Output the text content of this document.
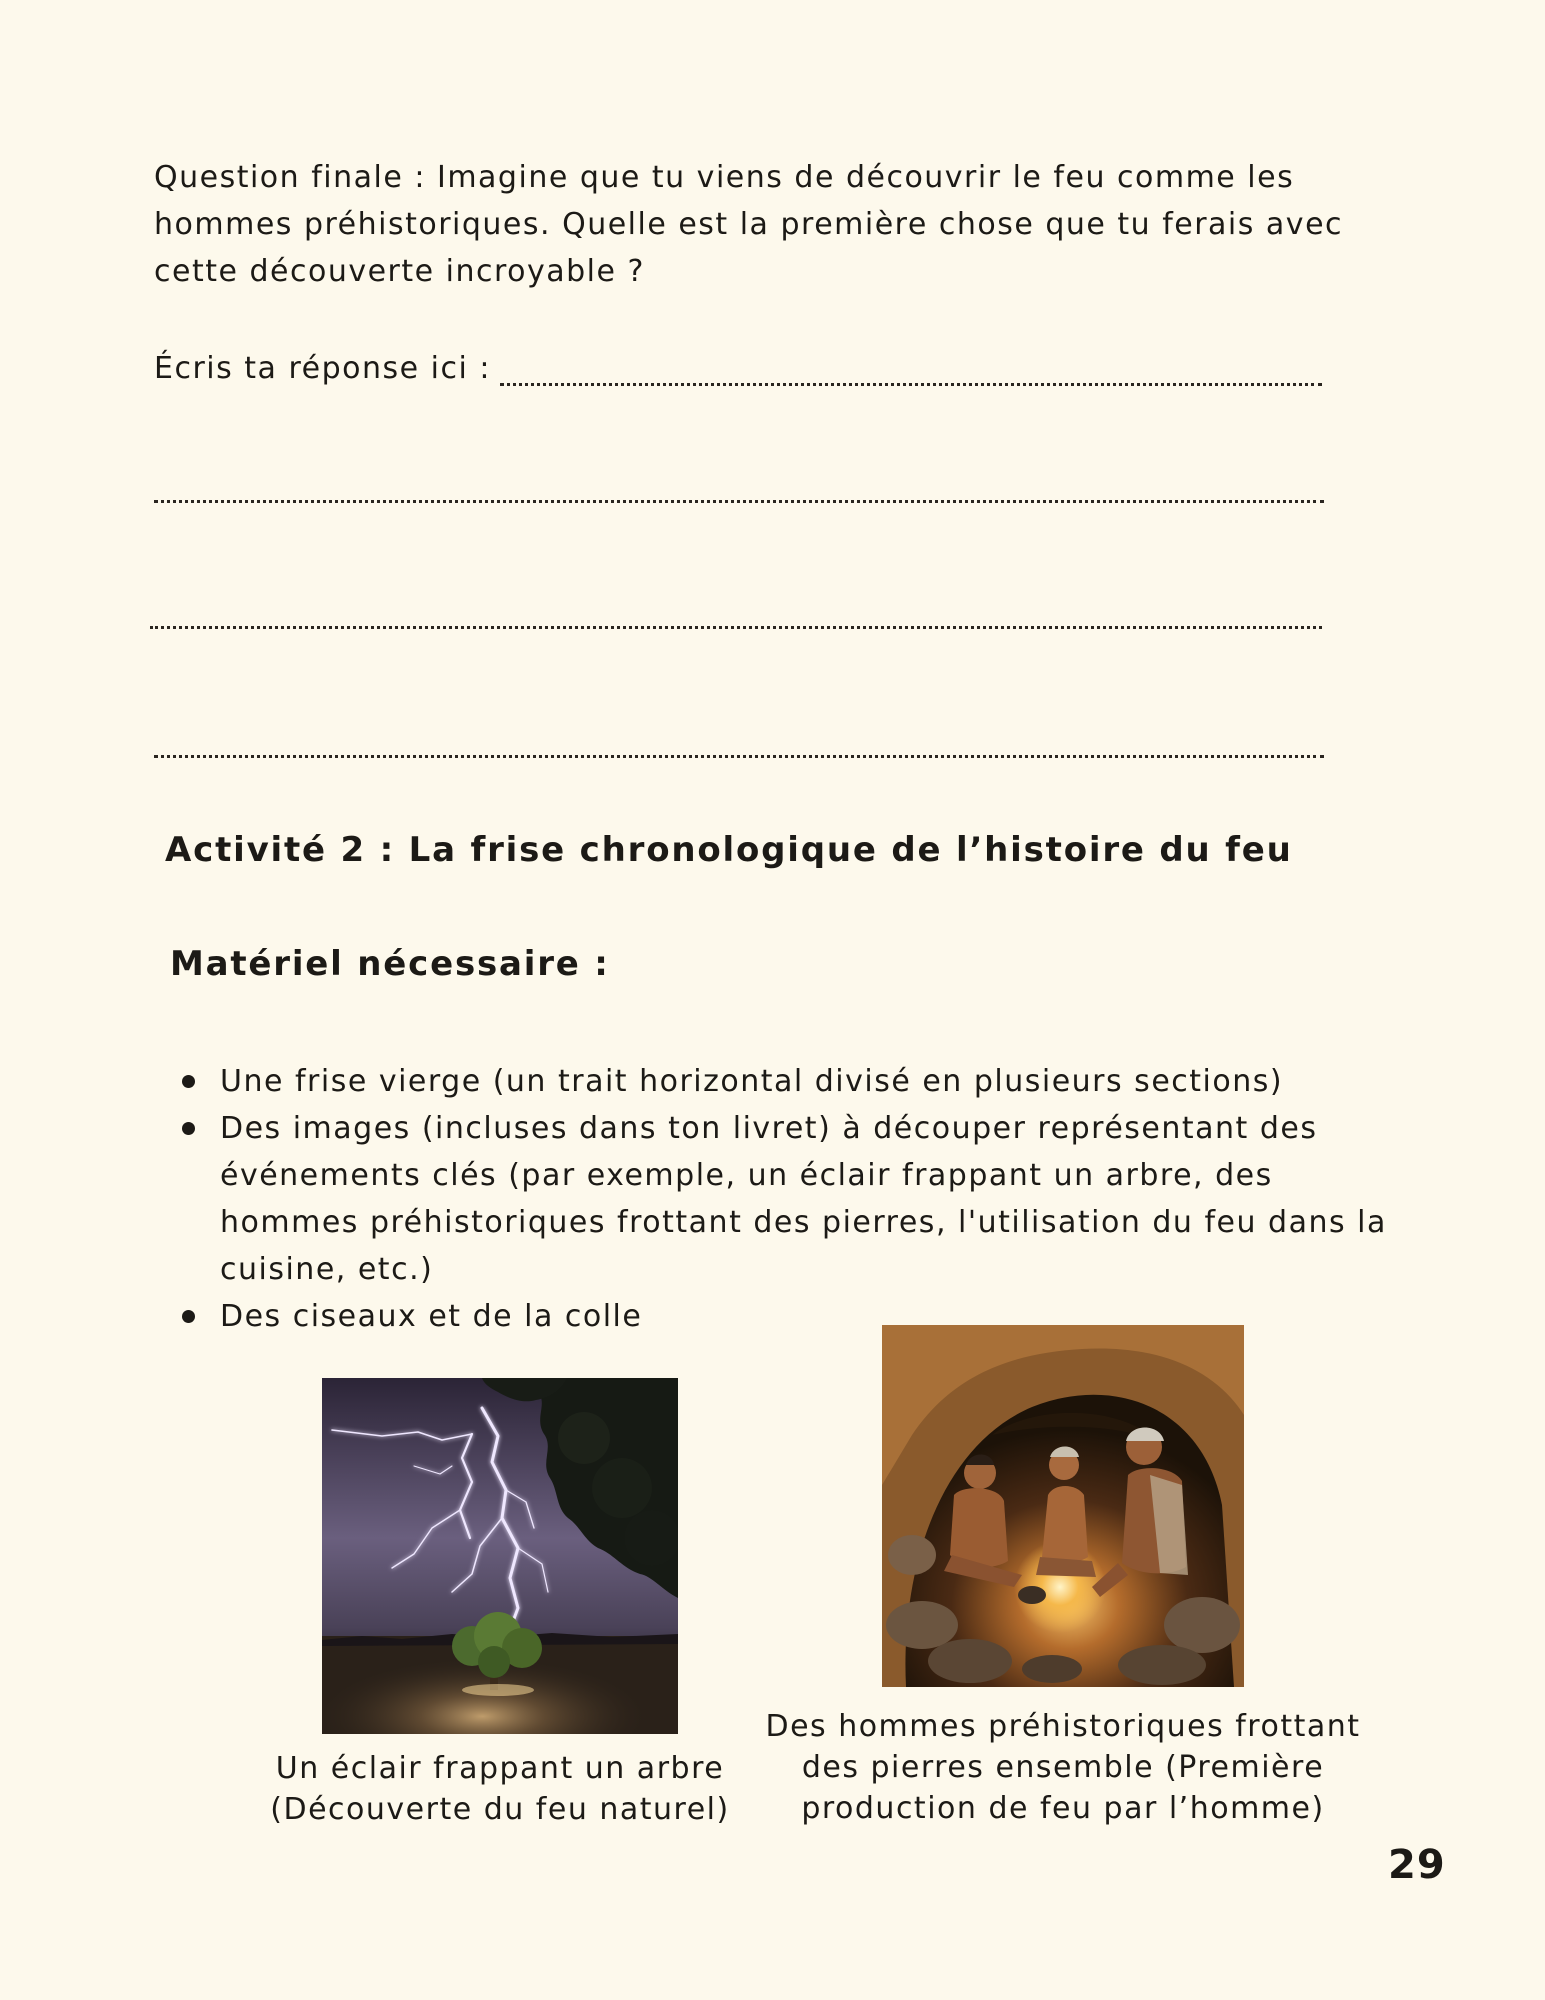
Question finale : Imagine que tu viens de découvrir le feu comme les hommes préhistoriques. Quelle est la première chose que tu ferais avec cette découverte incroyable ?

Écris ta réponse ici :
Activité 2 : La frise chronologique de l’histoire du feu
Matériel nécessaire :
Une frise vierge (un trait horizontal divisé en plusieurs sections)
Des images (incluses dans ton livret) à découper représentant des événements clés (par exemple, un éclair frappant un arbre, des hommes préhistoriques frottant des pierres, l'utilisation du feu dans la cuisine, etc.)
Des ciseaux et de la colle
Un éclair frappant un arbre
(Découverte du feu naturel)
Des hommes préhistoriques frottant
des pierres ensemble (Première
production de feu par l’homme)
29
